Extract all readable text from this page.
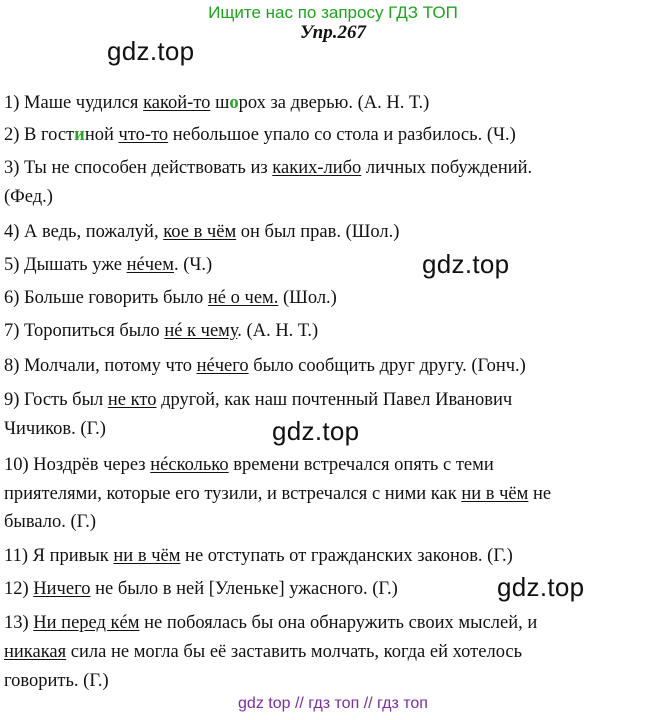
Ищите нас по запросу ГДЗ ТОП
Упр.267
gdz.top
gdz.top
gdz.top
gdz.top
1) Маше чудился какой-то шорох за дверью. (А. Н. Т.)
2) В гостиной что-то небольшое упало со стола и разбилось. (Ч.)
3) Ты не способен действовать из каких-либо личных побуждений.
(Фед.)
4) А ведь, пожалуй, кое в чём он был прав. (Шол.)
5) Дышать уже нéчем. (Ч.)
6) Больше говорить было нé о чем. (Шол.)
7) Торопиться было нé к чему. (А. Н. Т.)
8) Молчали, потому что нéчего было сообщить друг другу. (Гонч.)
9) Гость был не кто другой, как наш почтенный Павел Иванович
Чичиков. (Г.)
10) Ноздрёв через нéсколько времени встречался опять с теми
приятелями, которые его тузили, и встречался с ними как ни в чём не
бывало. (Г.)
11) Я привык ни в чём не отступать от гражданских законов. (Г.)
12) Ничего не было в ней [Уленьке] ужасного. (Г.)
13) Ни перед кéм не побоялась бы она обнаружить своих мыслей, и
никакая сила не могла бы её заставить молчать, когда ей хотелось
говорить. (Г.)
gdz top // гдз топ // гдз топ
